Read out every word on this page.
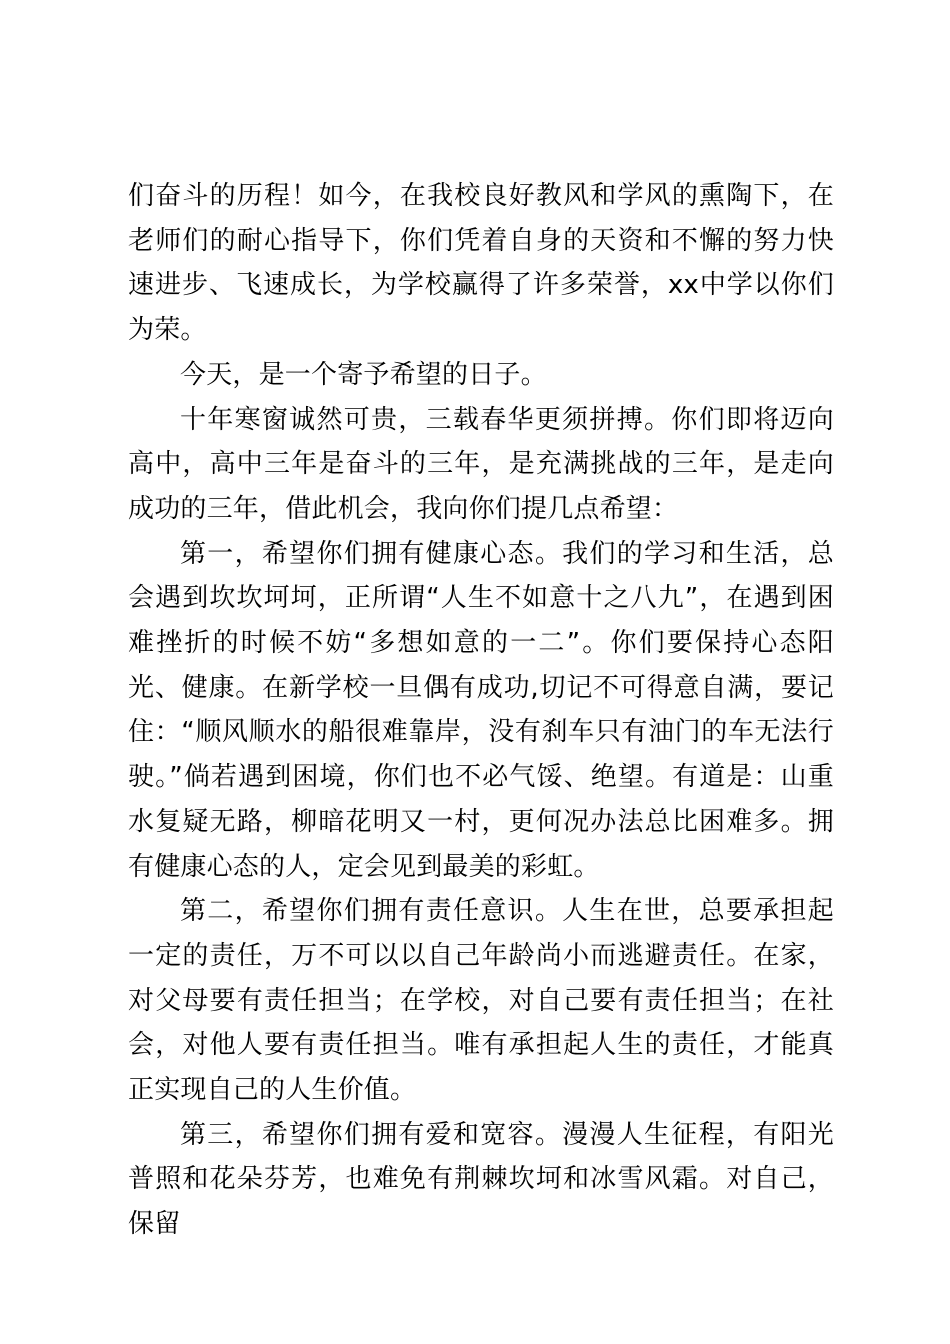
们奋斗的历程！如今，在我校良好教风和学风的熏陶下，在老师们的耐心指导下，你们凭着自身的天资和不懈的努力快速进步、飞速成长，为学校赢得了许多荣誉，xx中学以你们为荣。

今天，是一个寄予希望的日子。

十年寒窗诚然可贵，三载春华更须拼搏。你们即将迈向高中，高中三年是奋斗的三年，是充满挑战的三年，是走向成功的三年，借此机会，我向你们提几点希望：

第一，希望你们拥有健康心态。我们的学习和生活，总会遇到坎坎坷坷，正所谓“人生不如意十之八九”，在遇到困难挫折的时候不妨“多想如意的一二”。你们要保持心态阳光、健康。在新学校一旦偶有成功,切记不可得意自满，要记住：“顺风顺水的船很难靠岸，没有刹车只有油门的车无法行驶。”倘若遇到困境，你们也不必气馁、绝望。有道是：山重水复疑无路，柳暗花明又一村，更何况办法总比困难多。拥有健康心态的人，定会见到最美的彩虹。

第二，希望你们拥有责任意识。人生在世，总要承担起一定的责任，万不可以以自己年龄尚小而逃避责任。在家，对父母要有责任担当；在学校，对自己要有责任担当；在社会，对他人要有责任担当。唯有承担起人生的责任，才能真正实现自己的人生价值。

第三，希望你们拥有爱和宽容。漫漫人生征程，有阳光普照和花朵芬芳，也难免有荆棘坎坷和冰雪风霜。对自己，保留
